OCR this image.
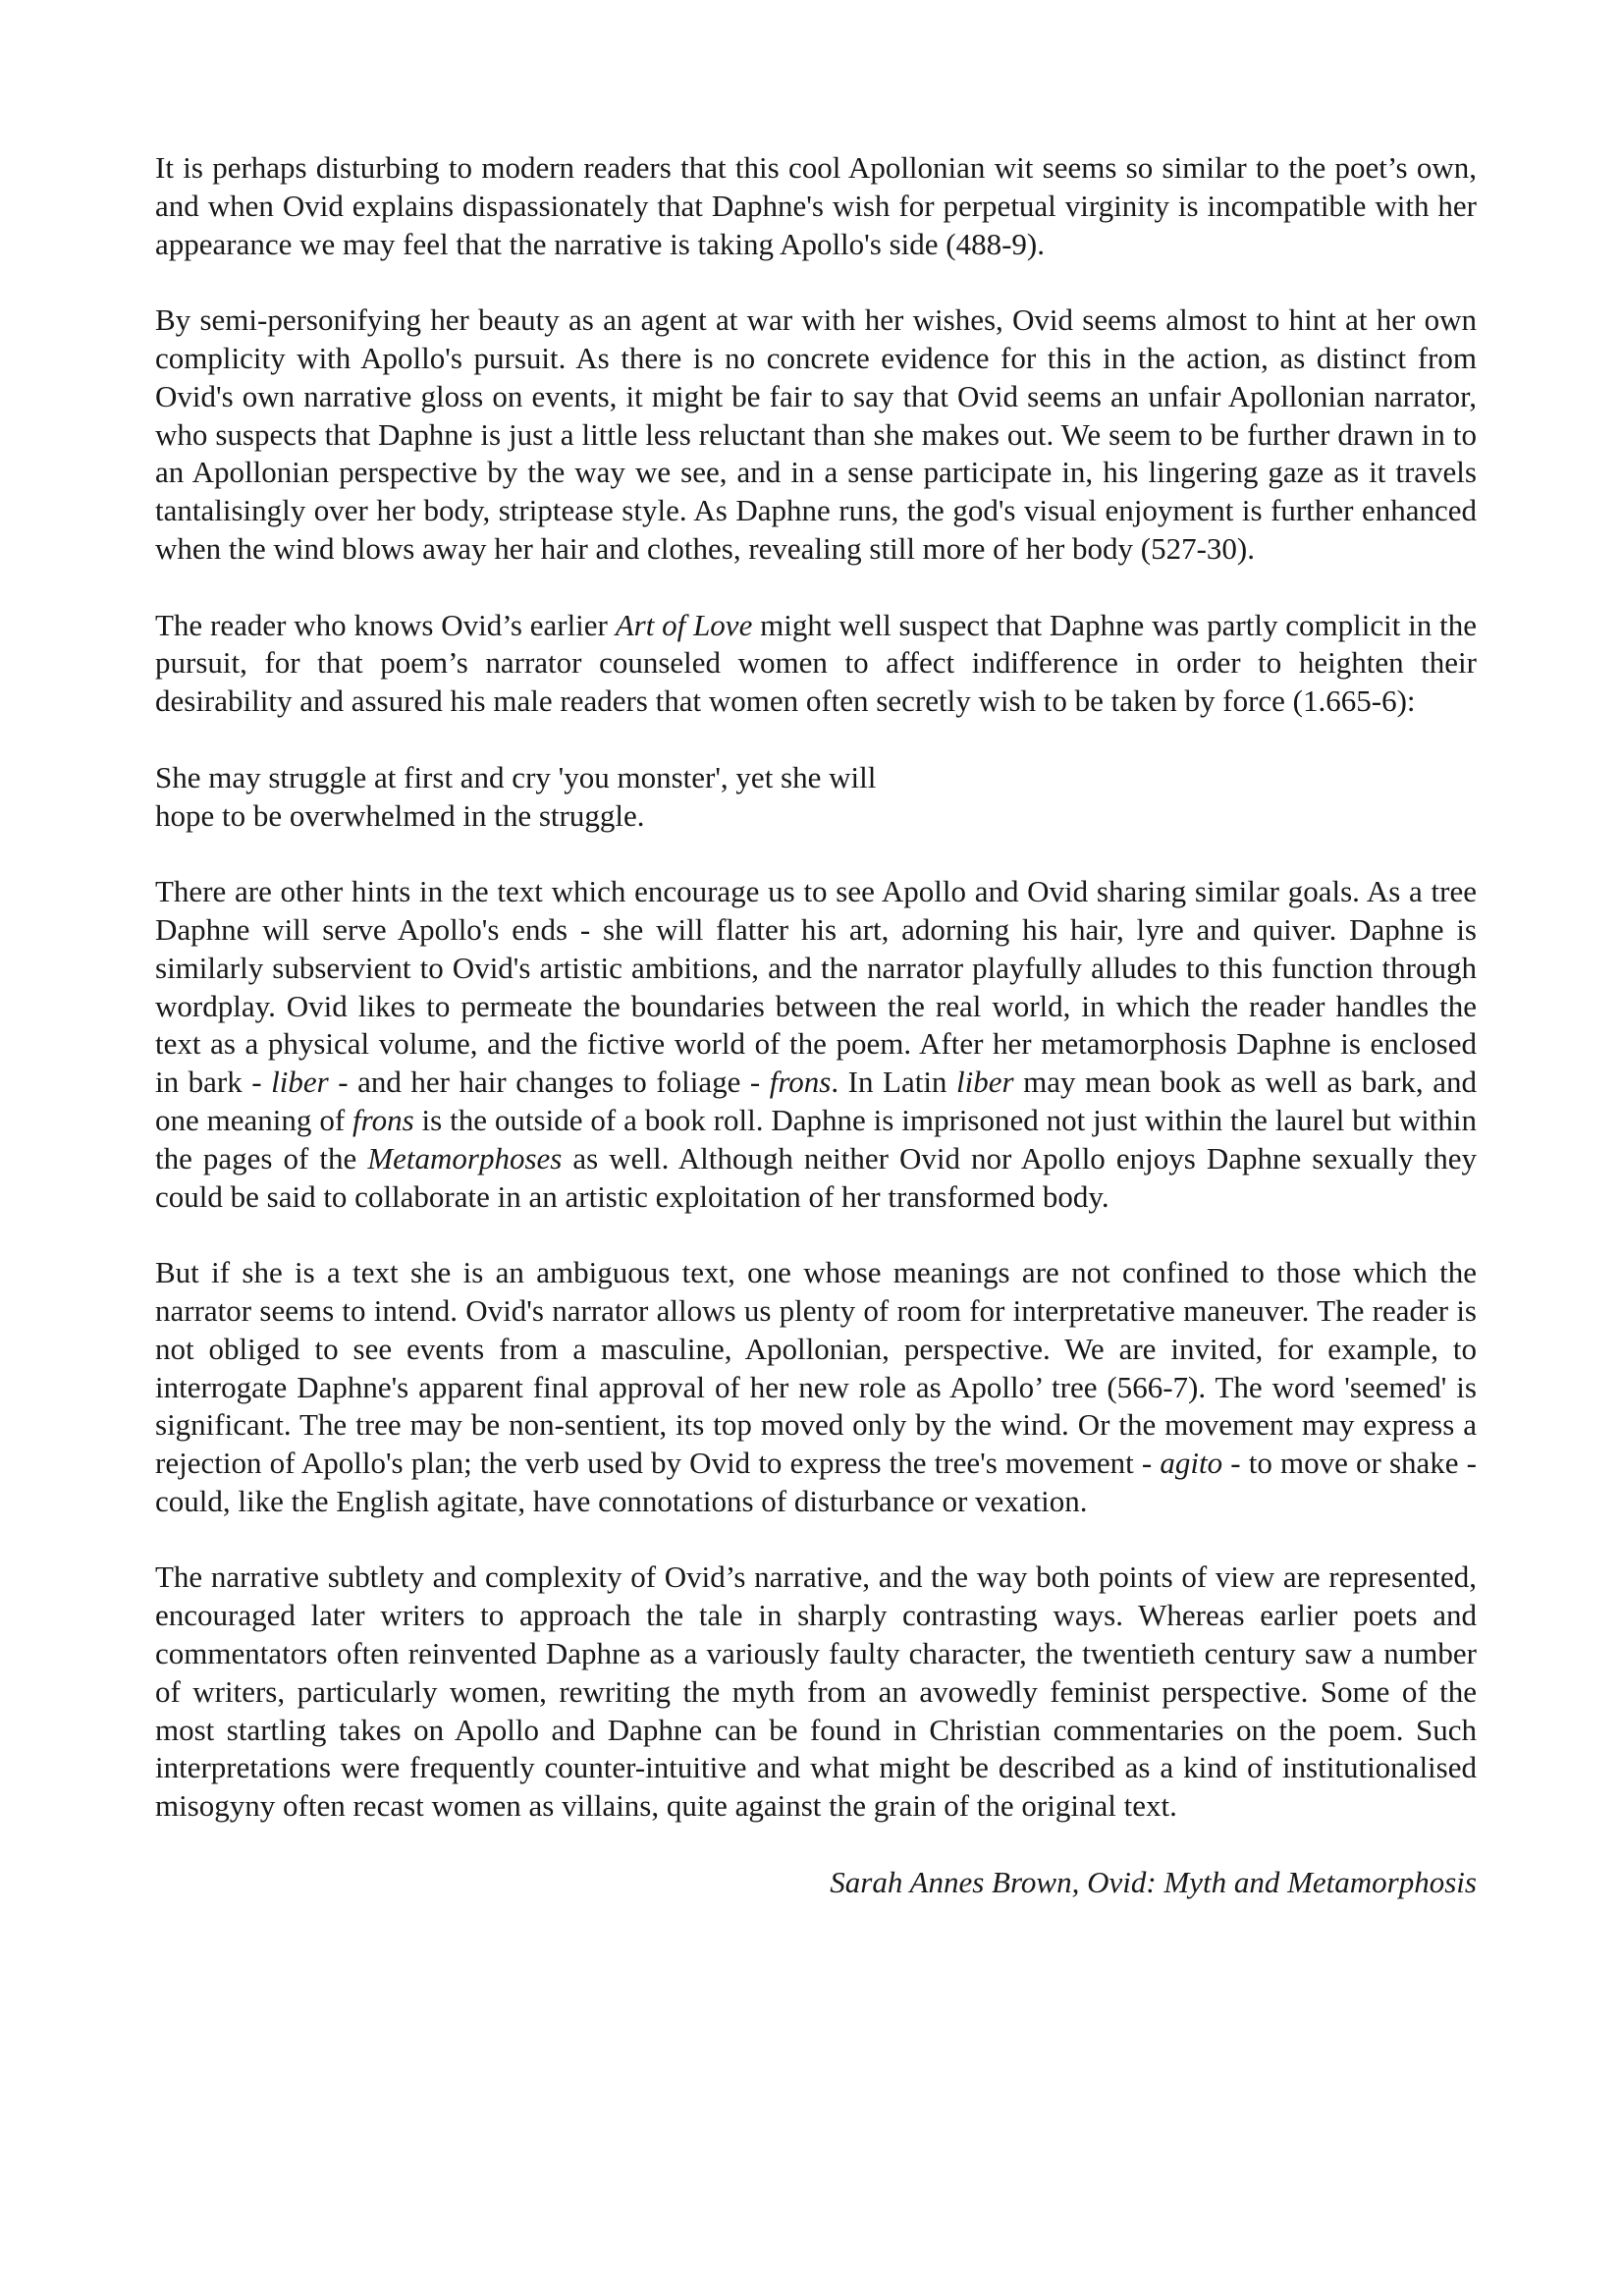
It is perhaps disturbing to modern readers that this cool Apollonian wit seems so similar to the poet’s own, and when Ovid explains dispassionately that Daphne's wish for perpetual virginity is incompatible with her appearance we may feel that the narrative is taking Apollo's side (488-9).

By semi-personifying her beauty as an agent at war with her wishes, Ovid seems almost to hint at her own complicity with Apollo's pursuit. As there is no concrete evidence for this in the action, as distinct from Ovid's own narrative gloss on events, it might be fair to say that Ovid seems an unfair Apollonian narrator, who suspects that Daphne is just a little less reluctant than she makes out. We seem to be further drawn in to an Apollonian perspective by the way we see, and in a sense participate in, his lingering gaze as it travels tantalisingly over her body, striptease style. As Daphne runs, the god's visual enjoyment is further enhanced when the wind blows away her hair and clothes, revealing still more of her body (527-30).

The reader who knows Ovid’s earlier Art of Love might well suspect that Daphne was partly complicit in the pursuit, for that poem’s narrator counseled women to affect indifference in order to heighten their desirability and assured his male readers that women often secretly wish to be taken by force (1.665-6):

She may struggle at first and cry 'you monster', yet she will
hope to be overwhelmed in the struggle.

There are other hints in the text which encourage us to see Apollo and Ovid sharing similar goals. As a tree Daphne will serve Apollo's ends - she will flatter his art, adorning his hair, lyre and quiver. Daphne is similarly subservient to Ovid's artistic ambitions, and the narrator playfully alludes to this function through wordplay. Ovid likes to permeate the boundaries between the real world, in which the reader handles the text as a physical volume, and the fictive world of the poem. After her metamorphosis Daphne is enclosed in bark - liber - and her hair changes to foliage - frons. In Latin liber may mean book as well as bark, and one meaning of frons is the outside of a book roll. Daphne is imprisoned not just within the laurel but within the pages of the Metamorphoses as well. Although neither Ovid nor Apollo enjoys Daphne sexually they could be said to collaborate in an artistic exploitation of her transformed body.

But if she is a text she is an ambiguous text, one whose meanings are not confined to those which the narrator seems to intend. Ovid's narrator allows us plenty of room for interpretative maneuver. The reader is not obliged to see events from a masculine, Apollonian, perspective. We are invited, for example, to interrogate Daphne's apparent final approval of her new role as Apollo’ tree (566-7). The word 'seemed' is significant. The tree may be non-sentient, its top moved only by the wind. Or the movement may express a rejection of Apollo's plan; the verb used by Ovid to express the tree's movement - agito - to move or shake - could, like the English agitate, have connotations of disturbance or vexation.

The narrative subtlety and complexity of Ovid’s narrative, and the way both points of view are represented, encouraged later writers to approach the tale in sharply contrasting ways. Whereas earlier poets and commentators often reinvented Daphne as a variously faulty character, the twentieth century saw a number of writers, particularly women, rewriting the myth from an avowedly feminist perspective. Some of the most startling takes on Apollo and Daphne can be found in Christian commentaries on the poem. Such interpretations were frequently counter-intuitive and what might be described as a kind of institutionalised misogyny often recast women as villains, quite against the grain of the original text.

Sarah Annes Brown, Ovid: Myth and Metamorphosis
